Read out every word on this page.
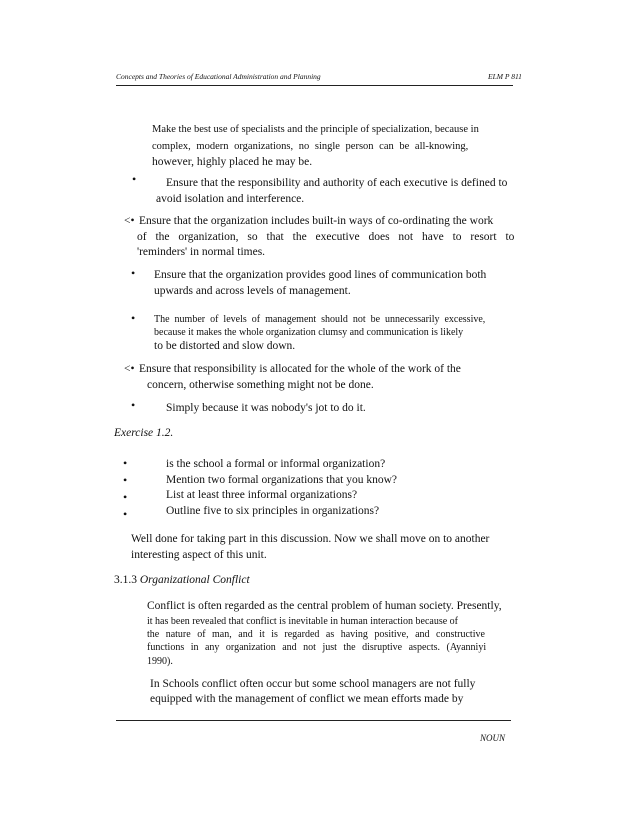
Concepts and Theories of Educational Administration and Planning	ELM P 811
Make the best use of specialists and the principle of specialization, because in
complex, modern organizations, no single person can be all-knowing,
however, highly placed he may be.
•	Ensure that the responsibility and authority of each executive is defined to
avoid isolation and interference.
<• Ensure that the organization includes built-in ways of co-ordinating the work
of the organization, so that the executive does not have to resort to
'reminders' in normal times.
• Ensure that the organization provides good lines of communication both
upwards and across levels of management.
• The number of levels of management should not be unnecessarily excessive,
because it makes the whole organization clumsy and communication is likely
to be distorted and slow down.
<• Ensure that responsibility is allocated for the whole of the work of the
concern, otherwise something might not be done.
•	Simply because it was nobody's jot to do it.
Exercise 1.2.
•	is the school a formal or informal organization?
•	Mention two formal organizations that you know?
•	List at least three informal organizations?
•	Outline five to six principles in organizations?
Well done for taking part in this discussion. Now we shall move on to another
interesting aspect of this unit.
3.1.3 Organizational Conflict
Conflict is often regarded as the central problem of human society. Presently,
it has been revealed that conflict is inevitable in human interaction because of
the nature of man, and it is regarded as having positive, and constructive
functions in any organization and not just the disruptive aspects. (Ayanniyi
1990).
In Schools conflict often occur but some school managers are not fully
equipped with the management of conflict we mean efforts made by
NOUN
